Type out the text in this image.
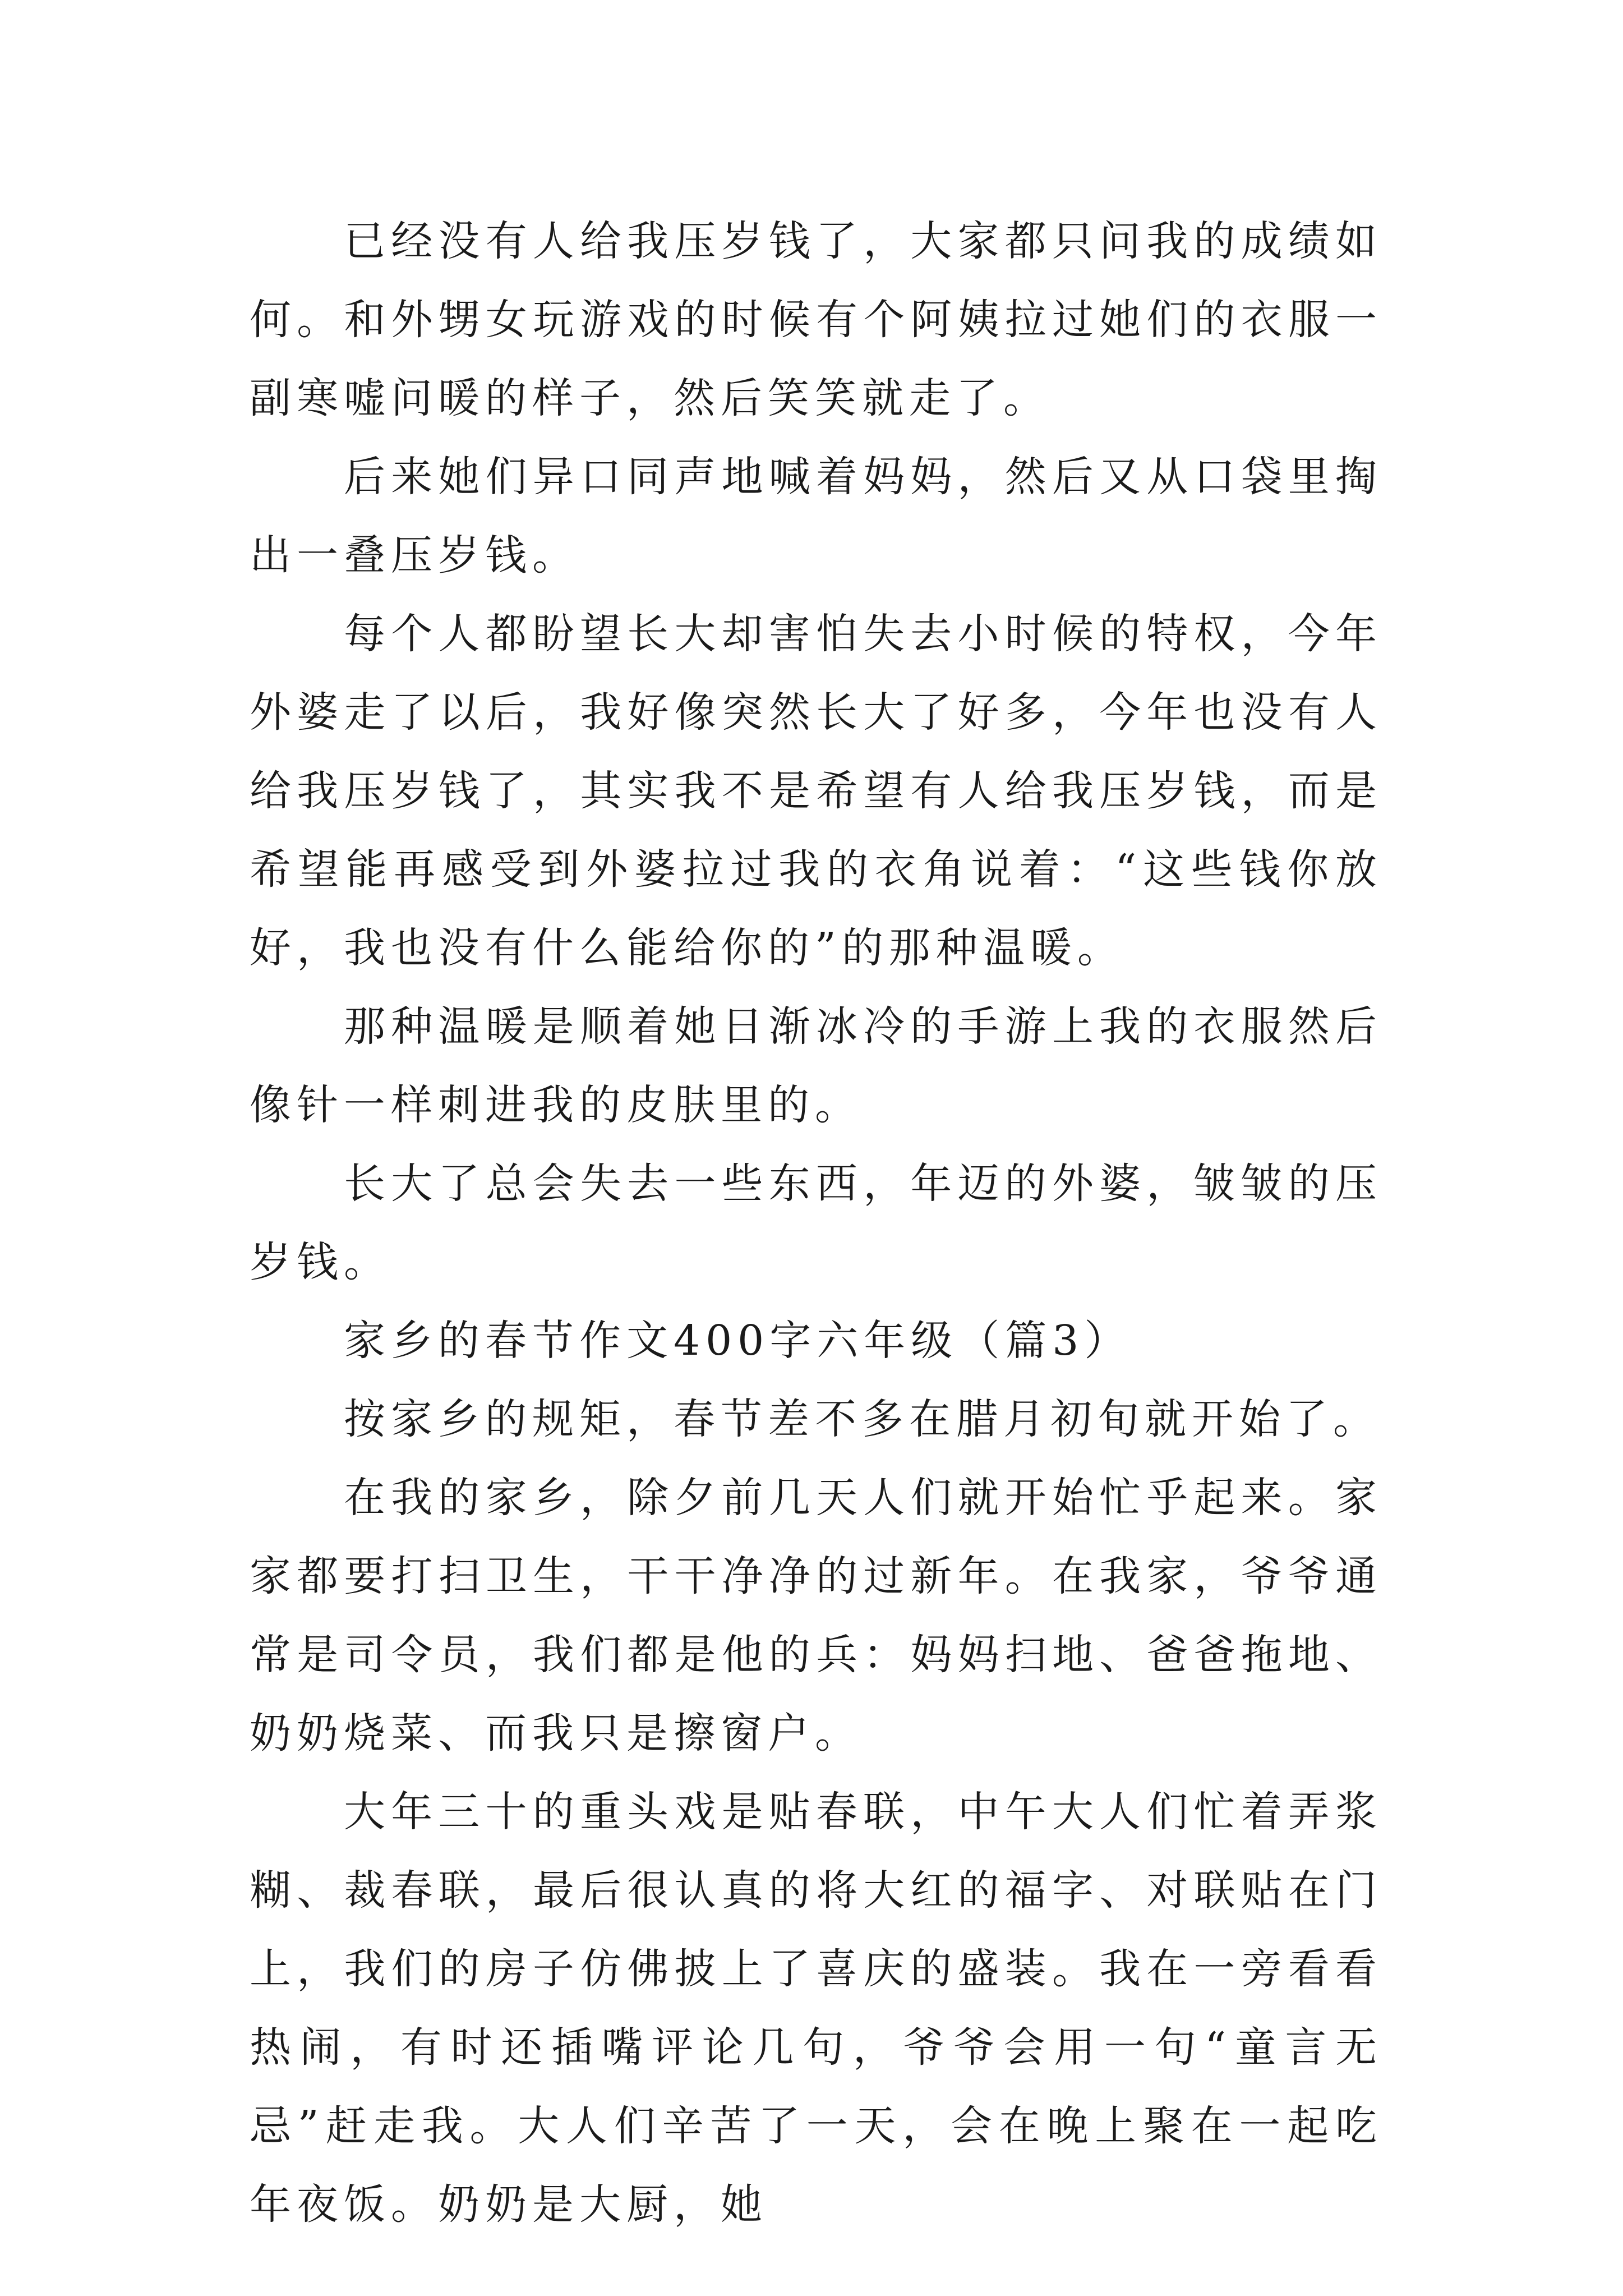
已经没有人给我压岁钱了，大家都只问我的成绩如何。和外甥女玩游戏的时候有个阿姨拉过她们的衣服一副寒嘘问暖的样子，然后笑笑就走了。

后来她们异口同声地喊着妈妈，然后又从口袋里掏出一叠压岁钱。

每个人都盼望长大却害怕失去小时候的特权，今年外婆走了以后，我好像突然长大了好多，今年也没有人给我压岁钱了，其实我不是希望有人给我压岁钱，而是希望能再感受到外婆拉过我的衣角说着：“这些钱你放好，我也没有什么能给你的”的那种温暖。

那种温暖是顺着她日渐冰冷的手游上我的衣服然后像针一样刺进我的皮肤里的。

长大了总会失去一些东西，年迈的外婆，皱皱的压岁钱。

家乡的春节作文400字六年级（篇3）

按家乡的规矩，春节差不多在腊月初旬就开始了。

在我的家乡，除夕前几天人们就开始忙乎起来。家家都要打扫卫生，干干净净的过新年。在我家，爷爷通常是司令员，我们都是他的兵：妈妈扫地、爸爸拖地、奶奶烧菜、而我只是擦窗户。

大年三十的重头戏是贴春联，中午大人们忙着弄浆糊、裁春联，最后很认真的将大红的福字、对联贴在门上，我们的房子仿佛披上了喜庆的盛装。我在一旁看看热闹，有时还插嘴评论几句，爷爷会用一句“童言无忌”赶走我。大人们辛苦了一天，会在晚上聚在一起吃年夜饭。奶奶是大厨，她
